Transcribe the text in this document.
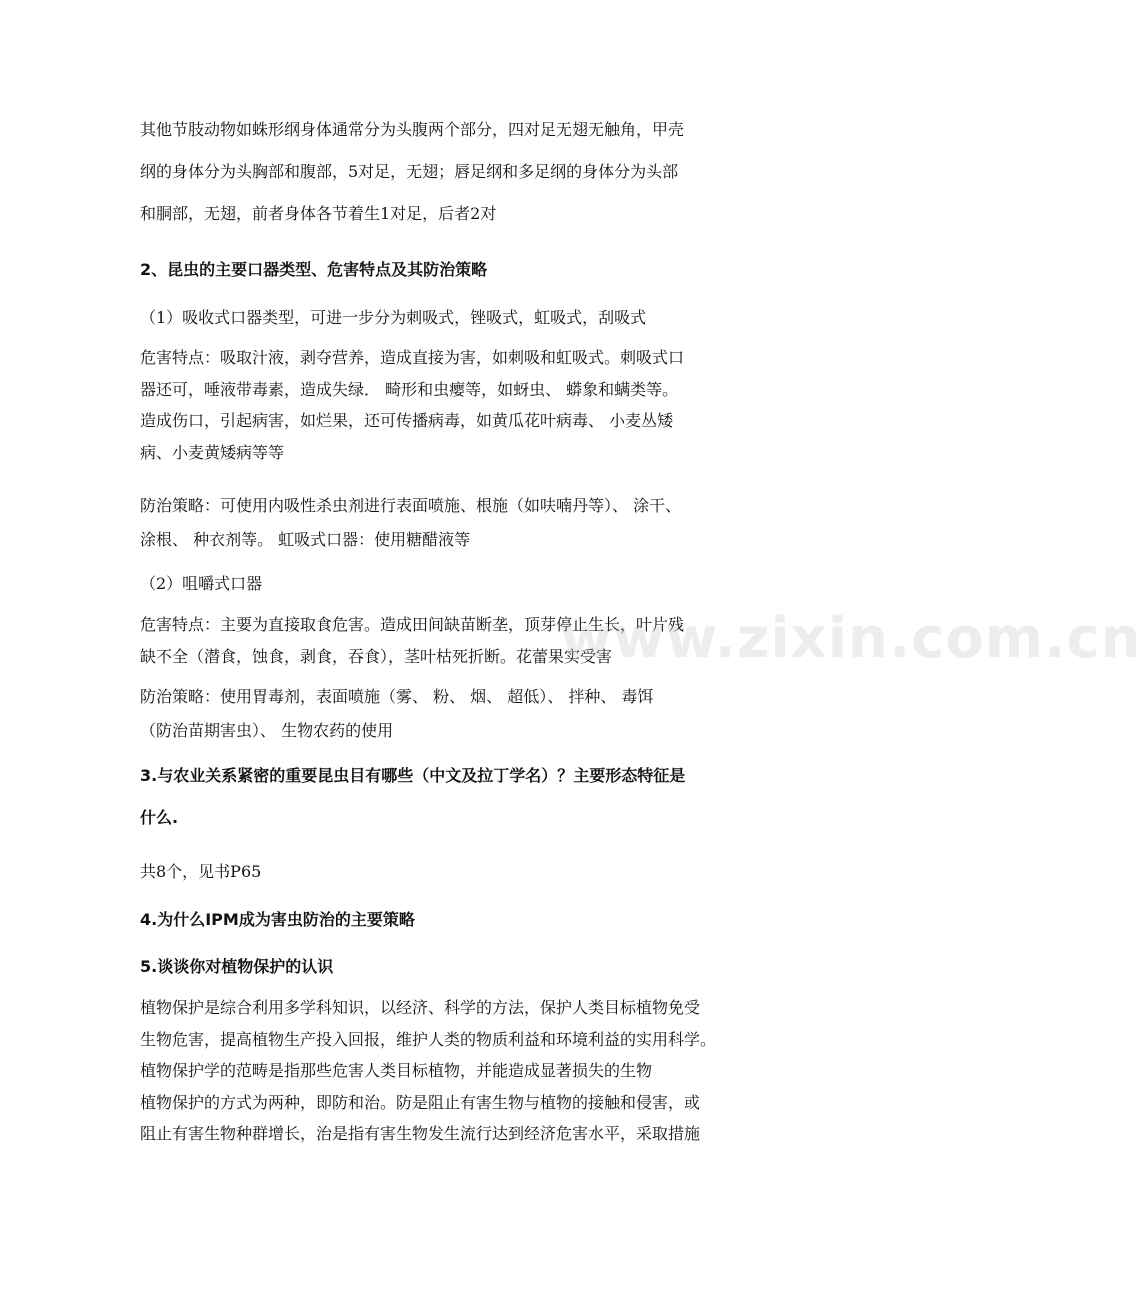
其他节肢动物如蛛形纲身体通常分为头腹两个部分，四对足无翅无触角，甲壳
纲的身体分为头胸部和腹部，5对足，无翅；唇足纲和多足纲的身体分为头部
和胴部，无翅，前者身体各节着生1对足，后者2对
2、昆虫的主要口器类型、危害特点及其防治策略
（1）吸收式口器类型，可进一步分为刺吸式，锉吸式，虹吸式，刮吸式
危害特点：吸取汁液，剥夺营养，造成直接为害，如刺吸和虹吸式。刺吸式口
器还可，唾液带毒素，造成失绿． 畸形和虫瘿等，如蚜虫、 蟒象和螨类等。
造成伤口，引起病害，如烂果，还可传播病毒，如黄瓜花叶病毒、 小麦丛矮
病、小麦黄矮病等等
防治策略：可使用内吸性杀虫剂进行表面喷施、根施（如呋喃丹等）、 涂干、
涂根、 种衣剂等。 虹吸式口器：使用糖醋液等
（2）咀嚼式口器
危害特点：主要为直接取食危害。造成田间缺苗断垄，顶芽停止生长，叶片残
缺不全（潜食，蚀食，剥食，吞食），茎叶枯死折断。花蕾果实受害
防治策略：使用胃毒剂，表面喷施（雾、 粉、 烟、 超低）、 拌种、 毒饵
（防治苗期害虫）、 生物农药的使用
3.与农业关系紧密的重要昆虫目有哪些（中文及拉丁学名）？主要形态特征是
什么.
共8个，见书P65
4.为什么IPM成为害虫防治的主要策略
5.谈谈你对植物保护的认识
植物保护是综合利用多学科知识，以经济、科学的方法，保护人类目标植物免受
生物危害，提高植物生产投入回报，维护人类的物质利益和环境利益的实用科学。
植物保护学的范畴是指那些危害人类目标植物，并能造成显著损失的生物
植物保护的方式为两种，即防和治。防是阻止有害生物与植物的接触和侵害，或
阻止有害生物种群增长，治是指有害生物发生流行达到经济危害水平，采取措施
www.zixin.com.cn
